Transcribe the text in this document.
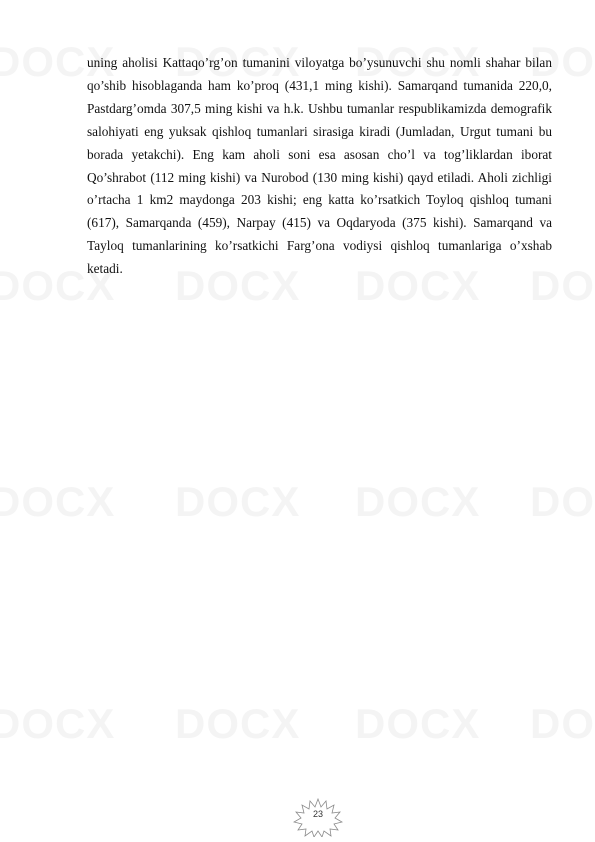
uning aholisi Kattaqo’rg’on tumanini viloyatga bo’ysunuvchi shu nomli shahar bilan qo’shib hisoblaganda ham ko’proq (431,1 ming kishi). Samarqand tumanida 220,0, Pastdarg’omda 307,5 ming kishi va h.k. Ushbu tumanlar respublikamizda demografik salohiyati eng yuksak qishloq tumanlari sirasiga kiradi (Jumladan, Urgut tumani bu borada yetakchi). Eng kam aholi soni esa asosan cho’l va tog’liklardan iborat Qo’shrabot (112 ming kishi) va Nurobod (130 ming kishi) qayd etiladi. Aholi zichligi o’rtacha 1 km2 maydonga 203 kishi; eng katta ko’rsatkich Toyloq qishloq tumani (617), Samarqanda (459), Narpay (415) va Oqdaryoda (375 kishi). Samarqand va Tayloq tumanlarining ko’rsatkichi Farg’ona vodiysi qishloq tumanlariga o’xshab ketadi.

23
